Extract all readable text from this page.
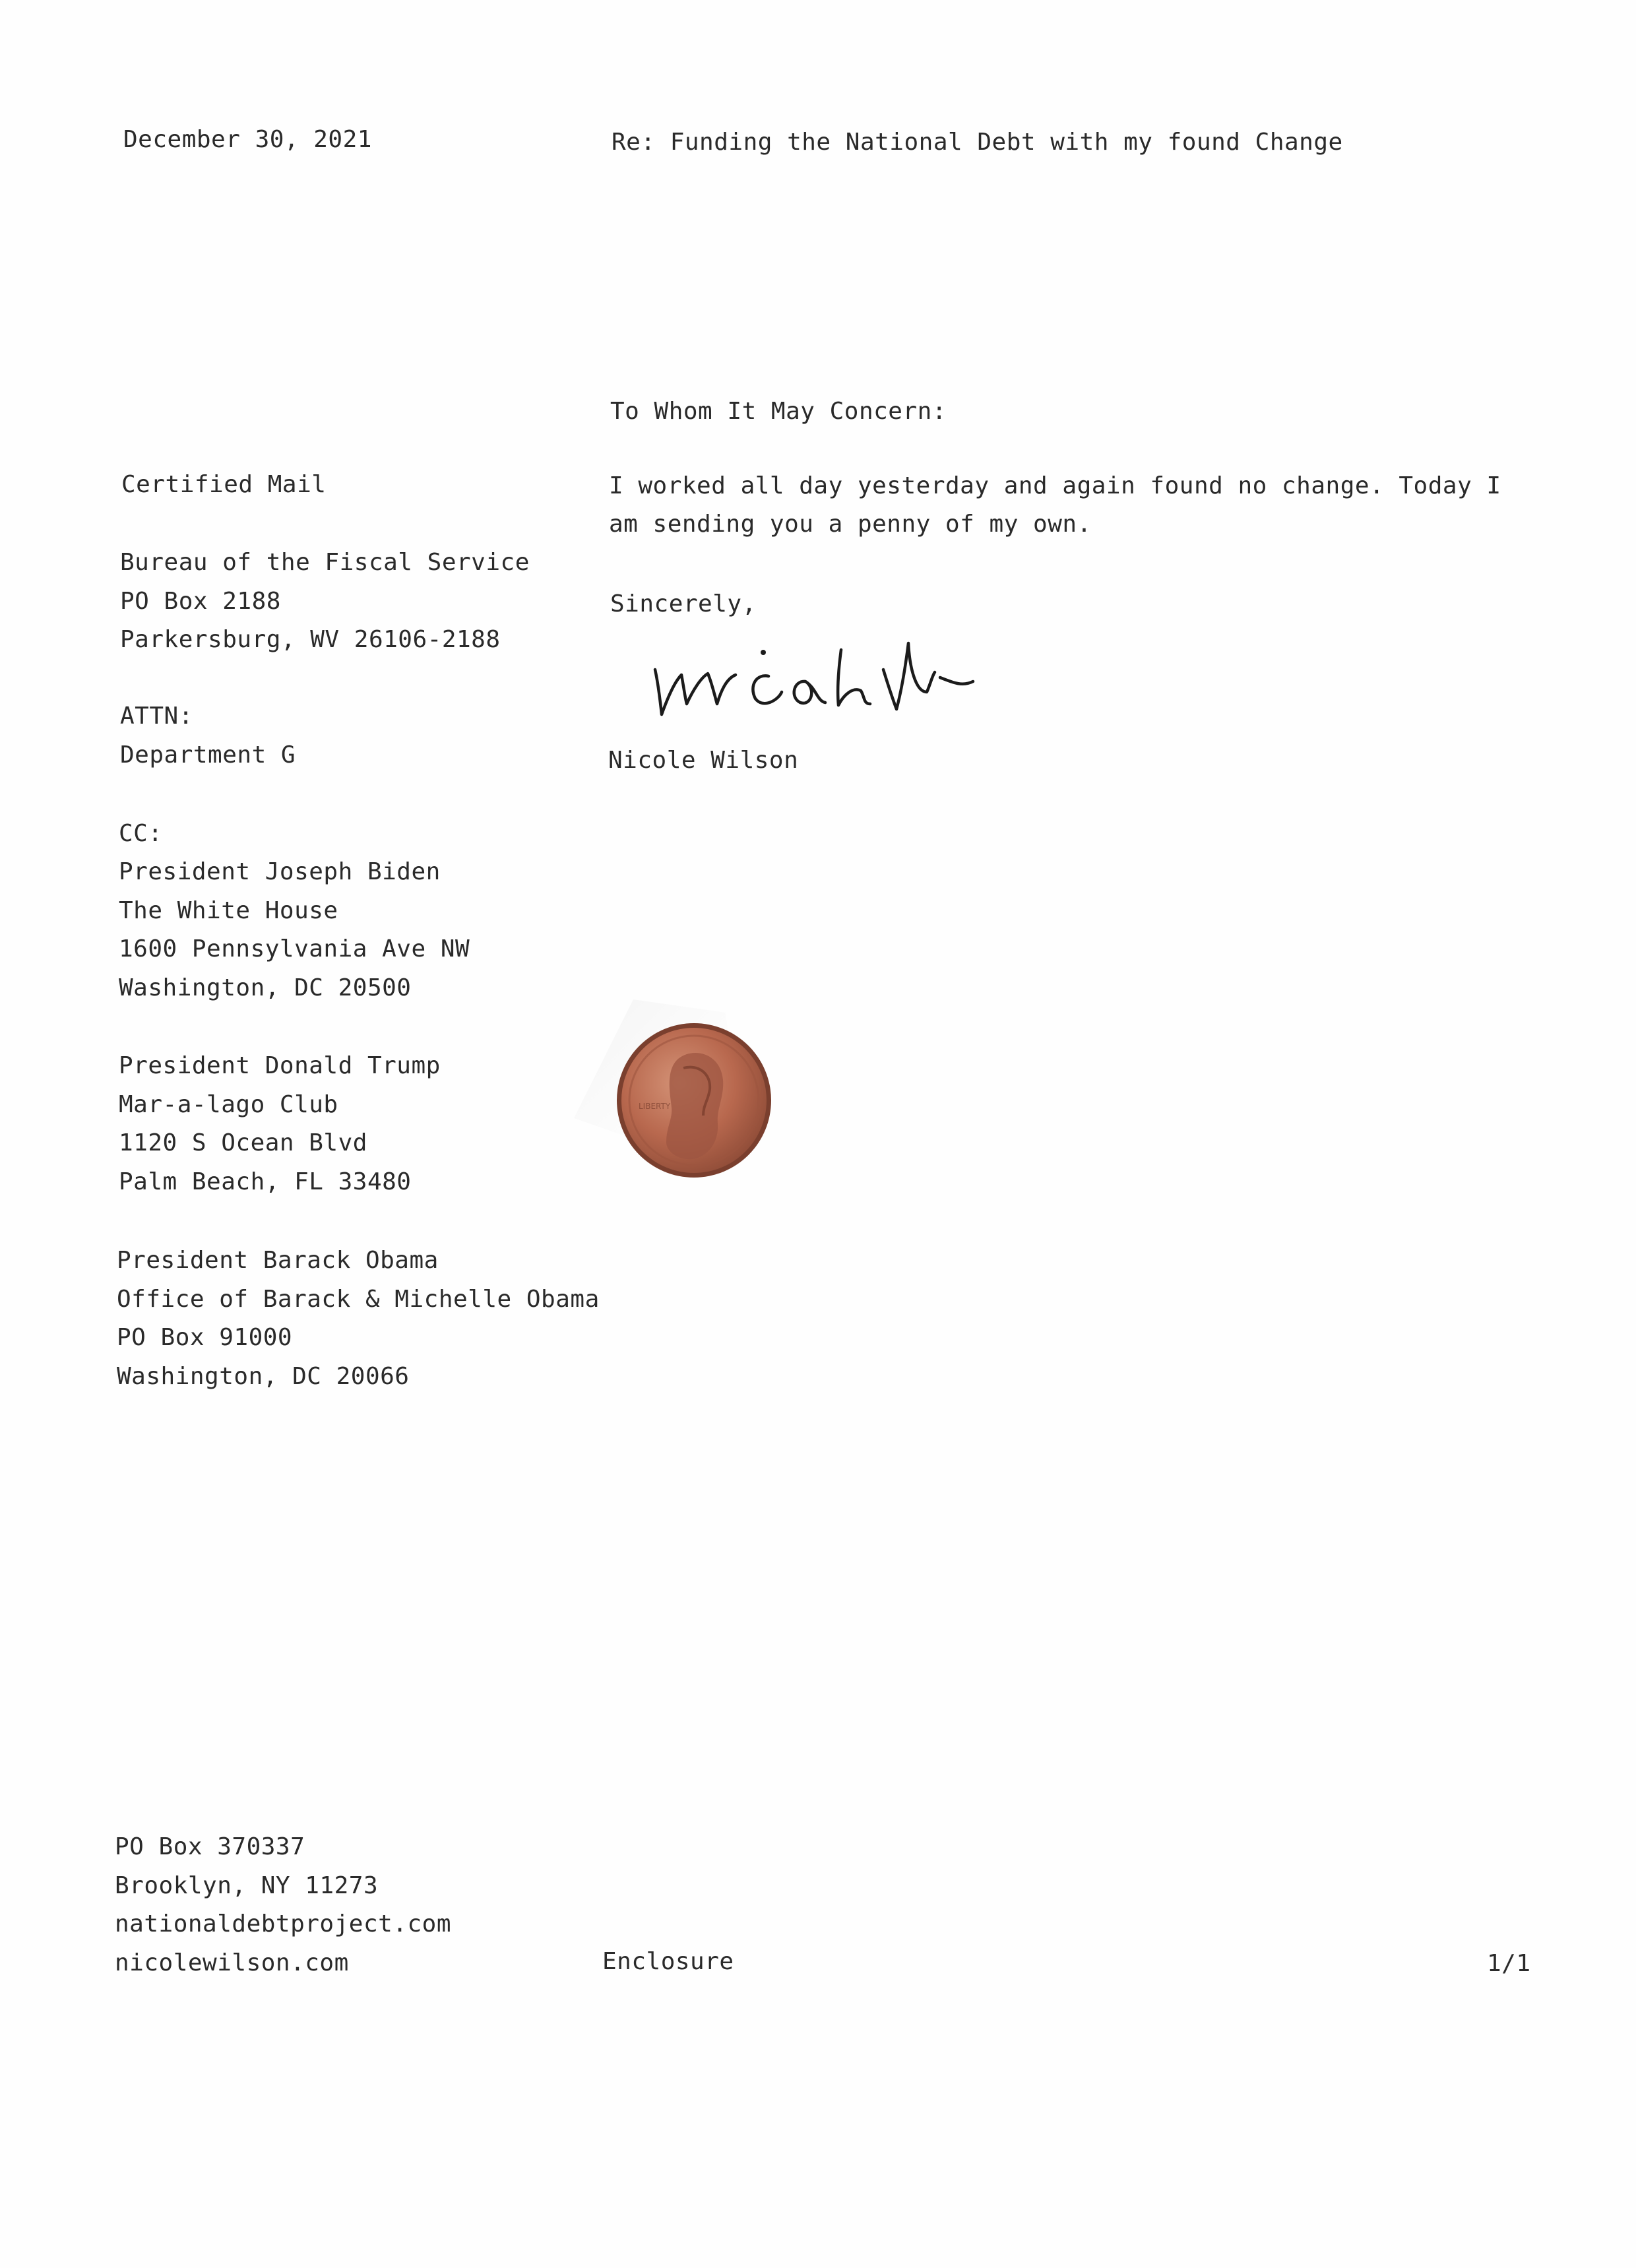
December 30, 2021	Re: Funding the National Debt with my found Change
To Whom It May Concern:
Certified Mail
Bureau of the Fiscal Service
PO Box 2188
Parkersburg, WV 26106-2188
ATTN:
Department G
I worked all day yesterday and again found no change. Today I am sending you a penny of my own.
Sincerely,
Nicole Wilson
CC:
President Joseph Biden
The White House
1600 Pennsylvania Ave NW
Washington, DC 20500
President Donald Trump
Mar-a-lago Club
1120 S Ocean Blvd
Palm Beach, FL 33480
President Barack Obama
Office of Barack & Michelle Obama
PO Box 91000
Washington, DC 20066
LIBERTY
PO Box 370337
Brooklyn, NY 11273
nationaldebtproject.com
nicolewilson.com	Enclosure	1/1
